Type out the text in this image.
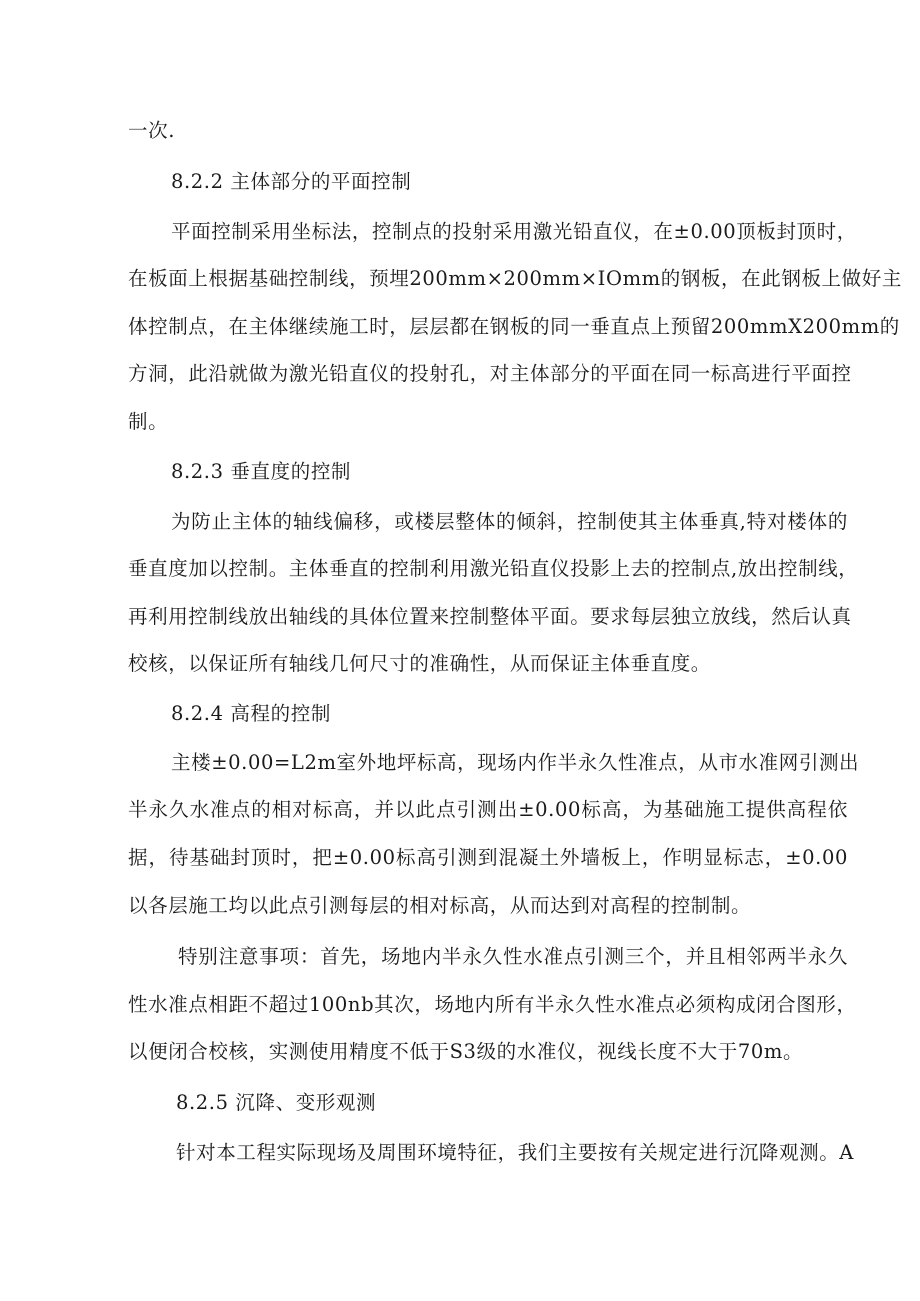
一次.
8.2.2 主体部分的平面控制
平面控制采用坐标法，控制点的投射采用激光铅直仪，在±0.00顶板封顶时，
在板面上根据基础控制线，预埋200mm×200mm×IOmm的钢板，在此钢板上做好主
体控制点，在主体继续施工时，层层都在钢板的同一垂直点上预留200mmX200mm的
方洞，此沿就做为激光铅直仪的投射孔，对主体部分的平面在同一标高进行平面控
制。
8.2.3 垂直度的控制
为防止主体的轴线偏移，或楼层整体的倾斜，控制使其主体垂真,特对楼体的
垂直度加以控制。主体垂直的控制利用激光铅直仪投影上去的控制点,放出控制线，
再利用控制线放出轴线的具体位置来控制整体平面。要求每层独立放线，然后认真
校核，以保证所有轴线几何尺寸的准确性，从而保证主体垂直度。
8.2.4 高程的控制
主楼±0.00=L2m室外地坪标高，现场内作半永久性准点，从市水准网引测出
半永久水准点的相对标高，并以此点引测出±0.00标高，为基础施工提供高程依
据，待基础封顶时，把±0.00标高引测到混凝土外墙板上，作明显标志，±0.00
以各层施工均以此点引测每层的相对标高，从而达到对高程的控制制。
特别注意事项：首先，场地内半永久性水准点引测三个，并且相邻两半永久
性水准点相距不超过100nb其次，场地内所有半永久性水准点必须构成闭合图形，
以便闭合校核，实测使用精度不低于S3级的水准仪，视线长度不大于70m。
8.2.5 沉降、变形观测
针对本工程实际现场及周围环境特征，我们主要按有关规定进行沉降观测。A
